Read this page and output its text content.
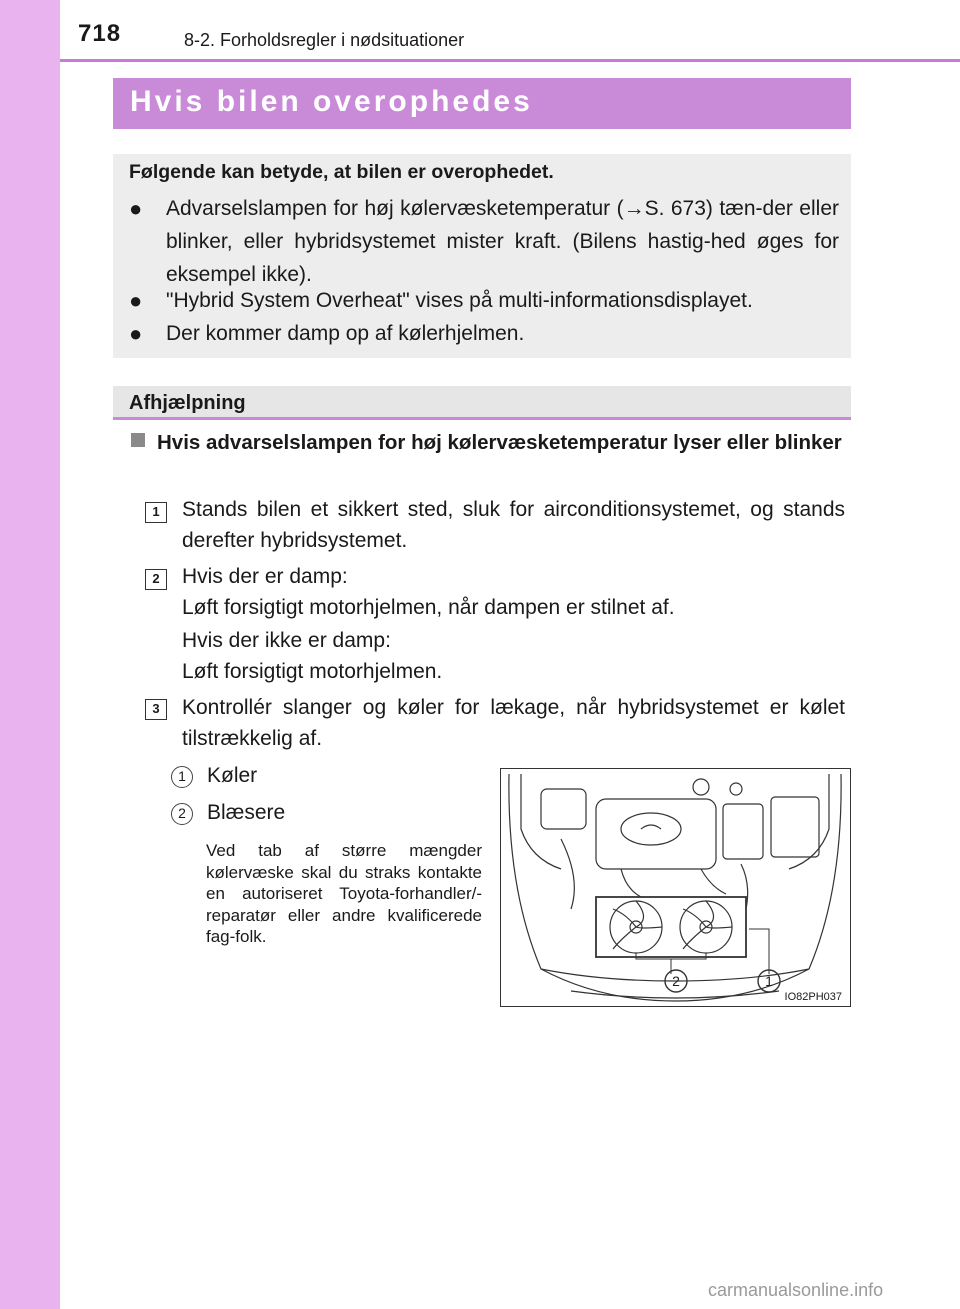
718	8-2. Forholdsregler i nødsituationer
Hvis bilen overophedes
Følgende kan betyde, at bilen er overophedet.
● Advarselslampen for høj kølervæsketemperatur (→S. 673) tæn-der eller blinker, eller hybridsystemet mister kraft. (Bilens hastig-hed øges for eksempel ikke).
● "Hybrid System Overheat" vises på multi-informationsdisplayet.
● Der kommer damp op af kølerhjelmen.
Afhjælpning
Hvis advarselslampen for høj kølervæsketemperatur lyser eller blinker
1	Stands bilen et sikkert sted, sluk for airconditionsystemet, og stands derefter hybridsystemet.
2	Hvis der er damp:
Løft forsigtigt motorhjelmen, når dampen er stilnet af.
Hvis der ikke er damp:
Løft forsigtigt motorhjelmen.
3	Kontrollér slanger og køler for lækage, når hybridsystemet er kølet tilstrækkelig af.
1	Køler
2	Blæsere
Ved tab af større mængder kølervæske skal du straks kontakte en autoriseret Toyota-forhandler/-reparatør eller andre kvalificerede fag-folk.
2	1
IO82PH037
carmanualsonline.info
